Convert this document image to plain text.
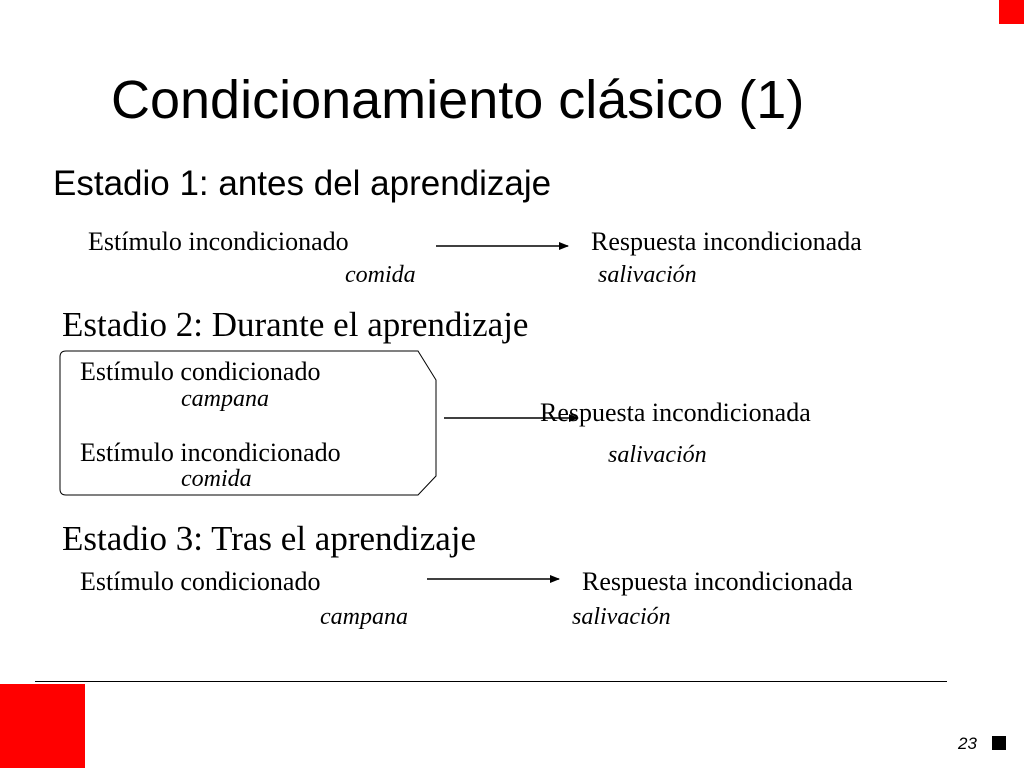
Condicionamiento clásico (1)
Estadio 1: antes del aprendizaje
Estímulo incondicionado
comida
Respuesta incondicionada
salivación
Estadio 2: Durante el aprendizaje
Estímulo condicionado
campana
Estímulo incondicionado
comida
Respuesta incondicionada
salivación
Estadio 3: Tras el aprendizaje
Estímulo condicionado
campana
Respuesta incondicionada
salivación
23
